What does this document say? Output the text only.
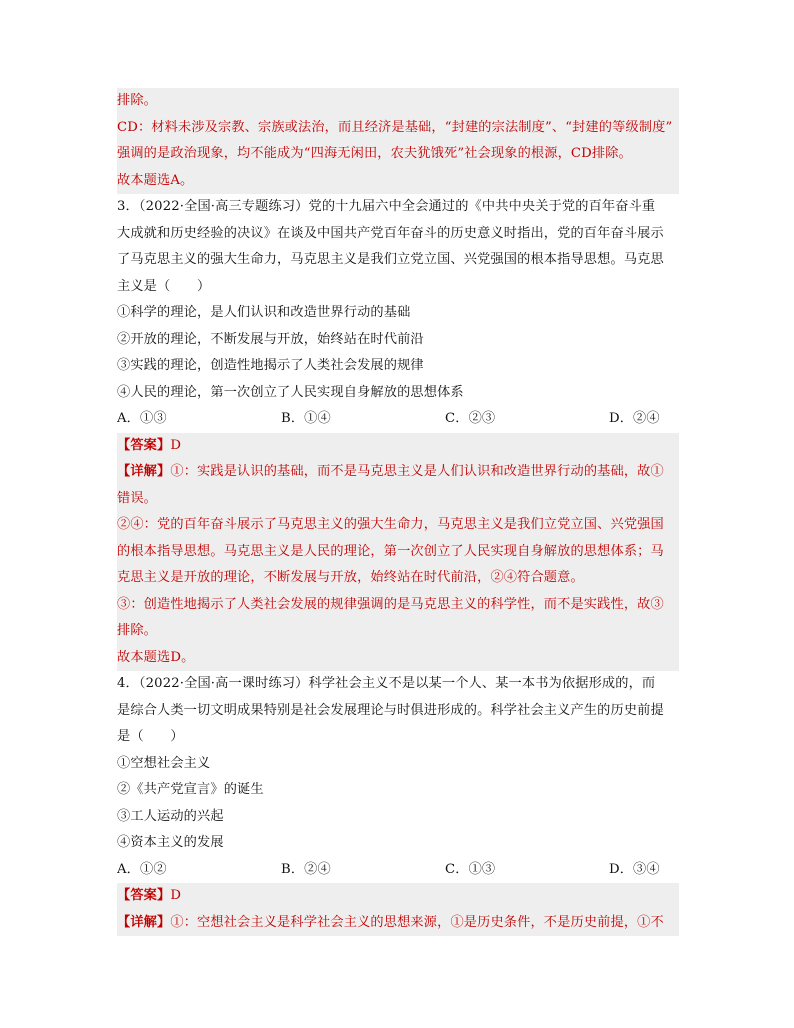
排除。
CD：材料未涉及宗教、宗族或法治，而且经济是基础，“封建的宗法制度”、“封建的等级制度”
强调的是政治现象，均不能成为“四海无闲田，农夫犹饿死”社会现象的根源，CD排除。
故本题选A。
3．（2022·全国·高三专题练习）党的十九届六中全会通过的《中共中央关于党的百年奋斗重
大成就和历史经验的决议》在谈及中国共产党百年奋斗的历史意义时指出，党的百年奋斗展示
了马克思主义的强大生命力，马克思主义是我们立党立国、兴党强国的根本指导思想。马克思
主义是（　　）
①科学的理论，是人们认识和改造世界行动的基础
②开放的理论，不断发展与开放，始终站在时代前沿
③实践的理论，创造性地揭示了人类社会发展的规律
④人民的理论，第一次创立了人民实现自身解放的思想体系
A．①③	B．①④	C．②③	D．②④
【答案】D
【详解】①：实践是认识的基础，而不是马克思主义是人们认识和改造世界行动的基础，故①
错误。
②④：党的百年奋斗展示了马克思主义的强大生命力，马克思主义是我们立党立国、兴党强国
的根本指导思想。马克思主义是人民的理论，第一次创立了人民实现自身解放的思想体系；马
克思主义是开放的理论，不断发展与开放，始终站在时代前沿，②④符合题意。
③：创造性地揭示了人类社会发展的规律强调的是马克思主义的科学性，而不是实践性，故③
排除。
故本题选D。
4．（2022·全国·高一课时练习）科学社会主义不是以某一个人、某一本书为依据形成的，而
是综合人类一切文明成果特别是社会发展理论与时俱进形成的。科学社会主义产生的历史前提
是（　　）
①空想社会主义
②《共产党宣言》的诞生
③工人运动的兴起
④资本主义的发展
A．①②	B．②④	C．①③	D．③④
【答案】D
【详解】①：空想社会主义是科学社会主义的思想来源，①是历史条件，不是历史前提，①不
